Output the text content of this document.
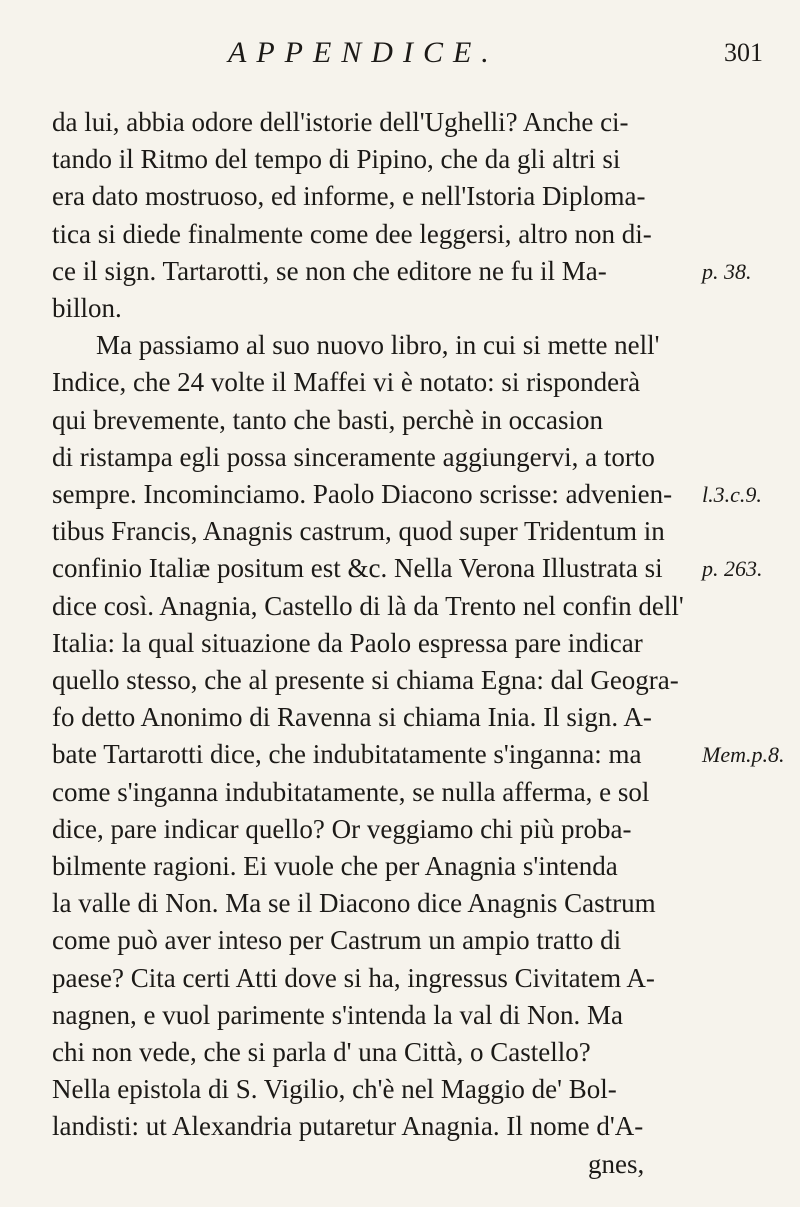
APPENDICE.	301
da lui, abbia odore dell'istorie dell'Ughelli? Anche ci-
tando il Ritmo del tempo di Pipino, che da gli altri si
era dato mostruoso, ed informe, e nell'Istoria Diploma-
tica si diede finalmente come dee leggersi, altro non di-
ce il sign. Tartarotti, se non che editore ne fu il Ma-
billon.
Ma passiamo al suo nuovo libro, in cui si mette nell'
Indice, che 24 volte il Maffei vi è notato: si risponderà
qui brevemente, tanto che basti, perchè in occasion
di ristampa egli possa sinceramente aggiungervi, a torto
sempre. Incominciamo. Paolo Diacono scrisse: advenien-
tibus Francis, Anagnis castrum, quod super Tridentum in
confinio Italiæ positum est &c. Nella Verona Illustrata si
dice così. Anagnia, Castello di là da Trento nel confin dell'
Italia: la qual situazione da Paolo espressa pare indicar
quello stesso, che al presente si chiama Egna: dal Geogra-
fo detto Anonimo di Ravenna si chiama Inia. Il sign. A-
bate Tartarotti dice, che indubitatamente s'inganna: ma
come s'inganna indubitatamente, se nulla afferma, e sol
dice, pare indicar quello? Or veggiamo chi più proba-
bilmente ragioni. Ei vuole che per Anagnia s'intenda
la valle di Non. Ma se il Diacono dice Anagnis Castrum
come può aver inteso per Castrum un ampio tratto di
paese? Cita certi Atti dove si ha, ingressus Civitatem A-
nagnen, e vuol parimente s'intenda la val di Non. Ma
chi non vede, che si parla d' una Città, o Castello?
Nella epistola di S. Vigilio, ch'è nel Maggio de' Bol-
landisti: ut Alexandria putaretur Anagnia. Il nome d'A-
gnes,
p. 38.
l.3.c.9.
p. 263.
Mem.p.8.
